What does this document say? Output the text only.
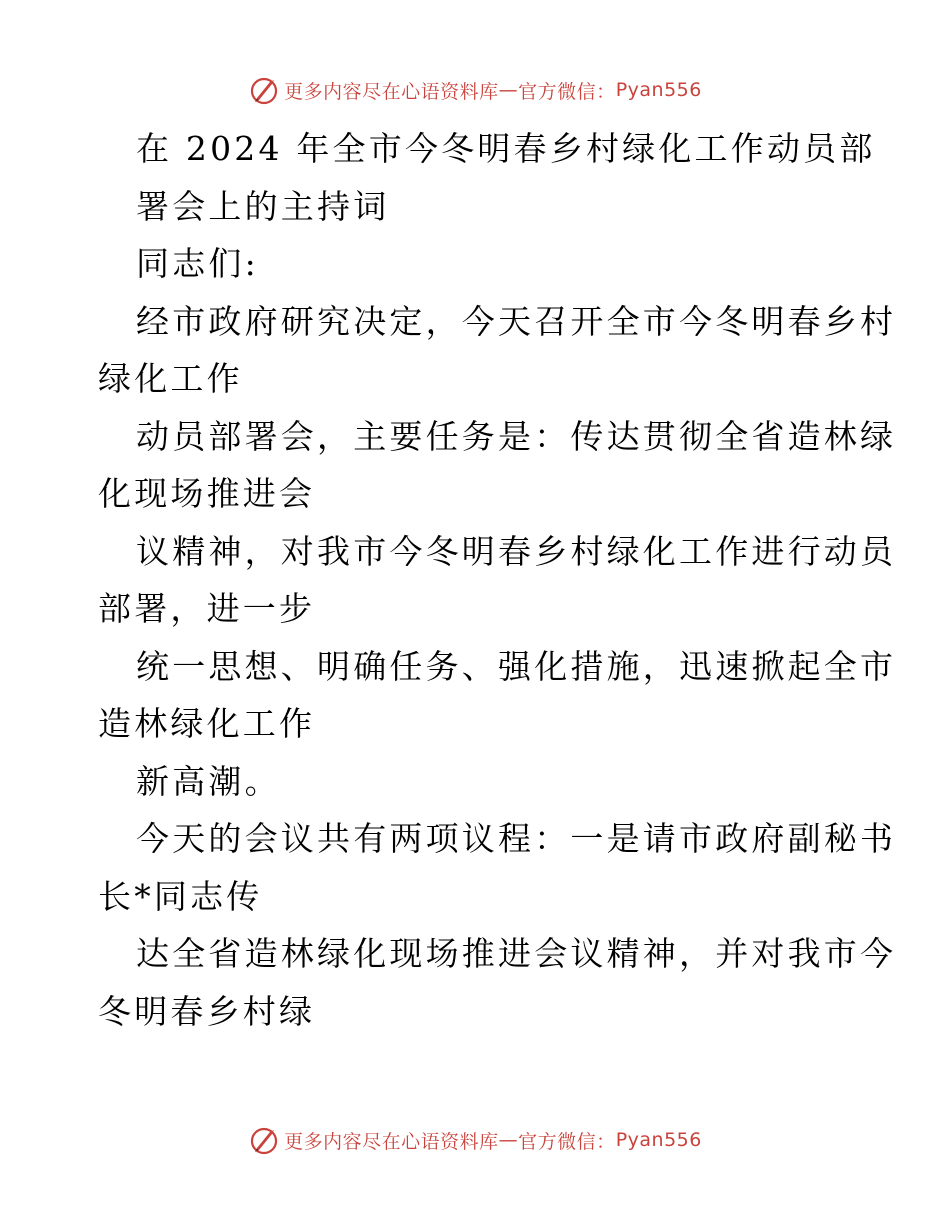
更多内容尽在心语资料库 — 官方微信： Pyan556
在 2024 年全市今冬明春乡村绿化工作动员部
署会上的主持词
同志们:
经市政府研究决定，今天召开全市今冬明春乡村
绿化工作
动员部署会，主要任务是：传达贯彻全省造林绿
化现场推进会
议精神，对我市今冬明春乡村绿化工作进行动员
部署，进一步
统一思想、明确任务、强化措施，迅速掀起全市
造林绿化工作
新高潮。
今天的会议共有两项议程：一是请市政府副秘书
长*同志传
达全省造林绿化现场推进会议精神，并对我市今
冬明春乡村绿
更多内容尽在心语资料库 — 官方微信： Pyan556
